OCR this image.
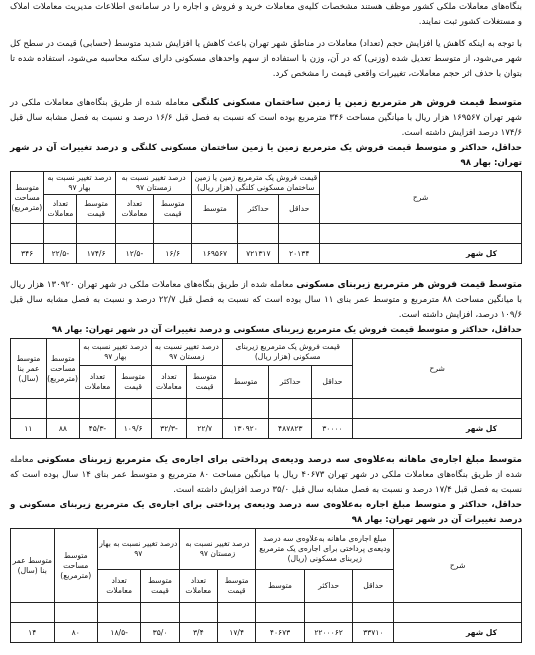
بنگاه‌های معاملات ملکی کشور موظف هستند مشخصات کلیه‌ی معاملات خرید و فروش و اجاره را در سامانه‌ی اطلاعات مدیریت معاملات املاک و مستغلات کشور ثبت نمایند.

با توجه به اینکه کاهش یا افزایش حجم (تعداد) معاملات در مناطق شهر تهران باعث کاهش یا افزایش شدید متوسط (حسابی) قیمت در سطح کل شهر می‌شود، از متوسط تعدیل شده (وزنی) که در آن، وزن با استفاده از سهم واحدهای مسکونی دارای سکنه محاسبه می‌شود، استفاده شده تا بتوان با حذف اثر حجم معاملات، تغییرات واقعی قیمت را مشخص کرد.

متوسط قیمت فروش هر مترمربع زمین یا زمین ساختمان مسکونی کلنگی معامله شده از طریق بنگاه‌های معاملات ملکی در شهر تهران ۱۶۹۵۶۷ هزار ریال با میانگین مساحت ۳۴۶ مترمربع بوده است که نسبت به فصل قبل ۱۶/۶ درصد و نسبت به فصل مشابه سال قبل ۱۷۴/۶ درصد افزایش داشته است.

حداقل، حداکثر و متوسط قیمت فروش یک مترمربع زمین یا زمین ساختمان مسکونی کلنگی و درصد تغییرات آن در شهر تهران: بهار ۹۸

شرح	قیمت فروش یک مترمربع زمین یا زمین ساختمان مسکونی کلنگی (هزار ریال)			درصد تغییر نسبت به زمستان ۹۷		درصد تغییر نسبت به بهار ۹۷		متوسط مساحت (مترمربع)
	حداقل	حداکثر	متوسط	متوسط قیمت	تعداد معاملات	متوسط قیمت	تعداد معاملات	

کل شهر	۲۰۱۳۴	۷۲۱۳۱۷	۱۶۹۵۶۷	۱۶/۶	-۱۲/۵	۱۷۴/۶	-۲۲/۵	۳۴۶

متوسط قیمت فروش هر مترمربع زیربنای مسکونی معامله شده از طریق بنگاه‌های معاملات ملکی در شهر تهران ۱۳۰۹۲۰ هزار ریال با میانگین مساحت ۸۸ مترمربع و متوسط عمر بنای ۱۱ سال بوده است که نسبت به فصل قبل ۲۲/۷ درصد و نسبت به فصل مشابه سال قبل ۱۰۹/۶ درصد، افزایش داشته است.

حداقل، حداکثر و متوسط قیمت فروش یک مترمربع زیربنای مسکونی و درصد تغییرات آن در شهر تهران: بهار ۹۸

شرح	قیمت فروش یک مترمربع زیربنای مسکونی (هزار ریال)			درصد تغییر نسبت به زمستان ۹۷		درصد تغییر نسبت به بهار ۹۷		متوسط مساحت (مترمربع)	متوسط عمر بنا (سال)
	حداقل	حداکثر	متوسط	متوسط قیمت	تعداد معاملات	متوسط قیمت	تعداد معاملات		

کل شهر	۳۰۰۰۰	۴۸۷۸۲۳	۱۳۰۹۲۰	۲۲/۷	-۳۲/۳	۱۰۹/۶	-۴۵/۳	۸۸	۱۱

متوسط مبلغ اجاره‌ی ماهانه به‌علاوه‌ی سه درصد ودیعه‌ی پرداختی برای اجاره‌ی یک مترمربع زیربنای مسکونی معامله شده از طریق بنگاه‌های معاملات ملکی در شهر تهران ۴۰۶۷۳ ریال با میانگین مساحت ۸۰ مترمربع و متوسط عمر بنای ۱۴ سال بوده است که نسبت به فصل قبل ۱۷/۴ درصد و نسبت به فصل مشابه سال قبل ۳۵/۰ درصد افزایش داشته است.

حداقل، حداکثر و متوسط مبلغ اجاره به‌علاوه‌ی سه درصد ودیعه‌ی پرداختی برای اجاره‌ی یک مترمربع زیربنای مسکونی و درصد تغییرات آن در شهر تهران: بهار ۹۸

شرح	مبلغ اجاره‌ی ماهانه به‌علاوه‌ی سه درصد ودیعه‌ی پرداختی برای اجاره‌ی یک مترمربع زیربنای مسکونی (ریال)			درصد تغییر نسبت به زمستان ۹۷		درصد تغییر نسبت به بهار ۹۷		متوسط مساحت (مترمربع)	متوسط عمر بنا (سال)
	حداقل	حداکثر	متوسط	متوسط قیمت	تعداد معاملات	متوسط قیمت	تعداد معاملات		

کل شهر	۳۳۷۱۰	۲۲۰۰۰۶۲	۴۰۶۷۳	۱۷/۴	۳/۴	۳۵/۰	-۱۸/۵	۸۰	۱۴
